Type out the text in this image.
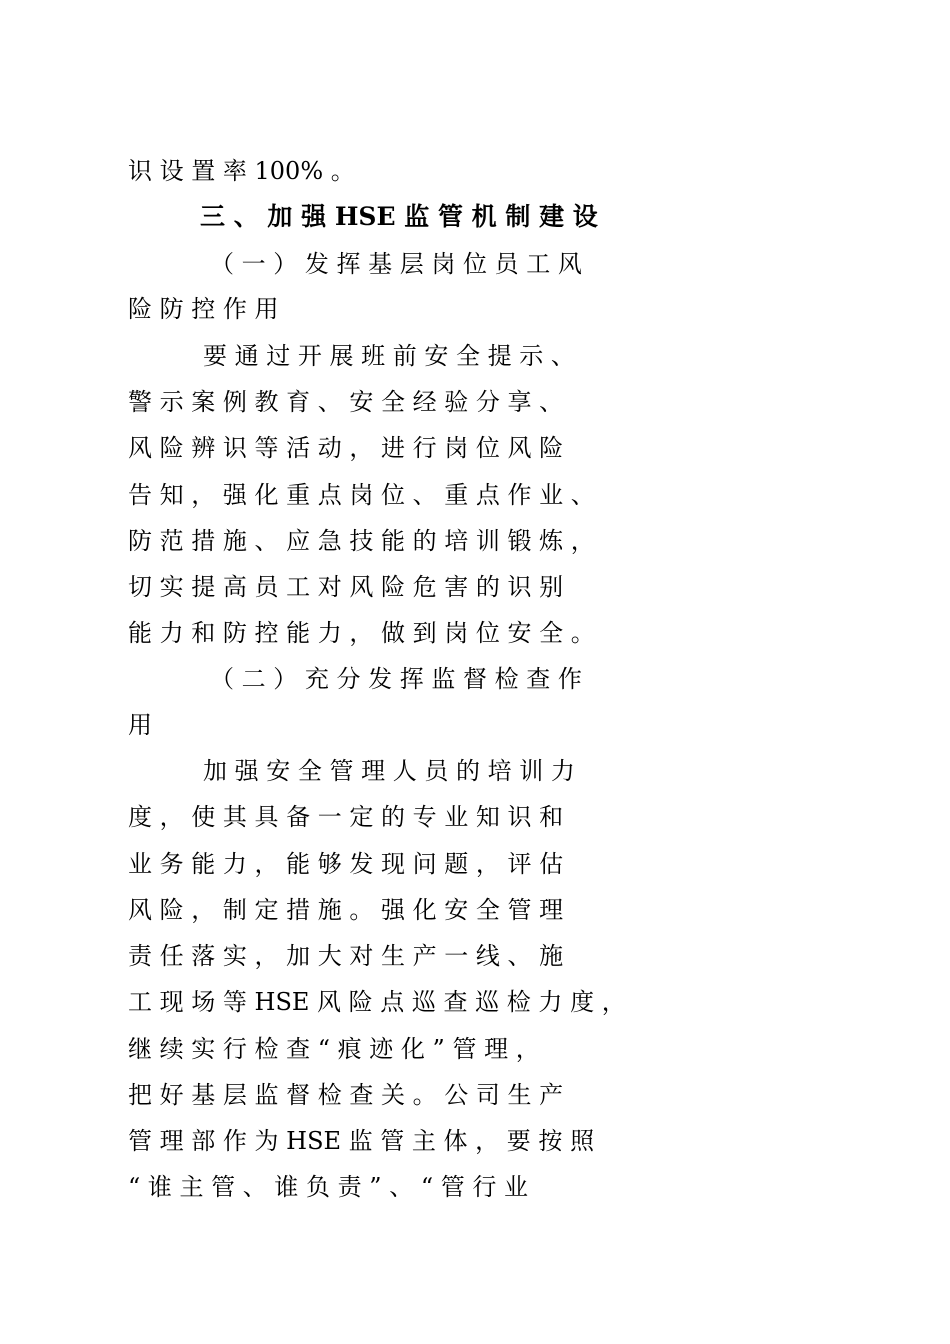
识 设 置 率 100% 。
三 、 加 强 HSE 监 管 机 制 建 设
（ 一 ） 发 挥 基 层 岗 位 员 工 风
险 防 控 作 用
要 通 过 开 展 班 前 安 全 提 示 、
警 示 案 例 教 育 、 安 全 经 验 分 享 、
风 险 辨 识 等 活 动 ， 进 行 岗 位 风 险
告 知 ， 强 化 重 点 岗 位 、 重 点 作 业 、
防 范 措 施 、 应 急 技 能 的 培 训 锻 炼 ，
切 实 提 高 员 工 对 风 险 危 害 的 识 别
能 力 和 防 控 能 力 ， 做 到 岗 位 安 全 。
（ 二 ） 充 分 发 挥 监 督 检 查 作
用
加 强 安 全 管 理 人 员 的 培 训 力
度 ， 使 其 具 备 一 定 的 专 业 知 识 和
业 务 能 力 ， 能 够 发 现 问 题 ， 评 估
风 险 ， 制 定 措 施 。 强 化 安 全 管 理
责 任 落 实 ， 加 大 对 生 产 一 线 、 施
工 现 场 等 HSE 风 险 点 巡 查 巡 检 力 度 ，
继 续 实 行 检 查 “ 痕 迹 化 ” 管 理 ，
把 好 基 层 监 督 检 查 关 。 公 司 生 产
管 理 部 作 为 HSE 监 管 主 体 ， 要 按 照
“ 谁 主 管 、 谁 负 责 ” 、 “ 管 行 业
